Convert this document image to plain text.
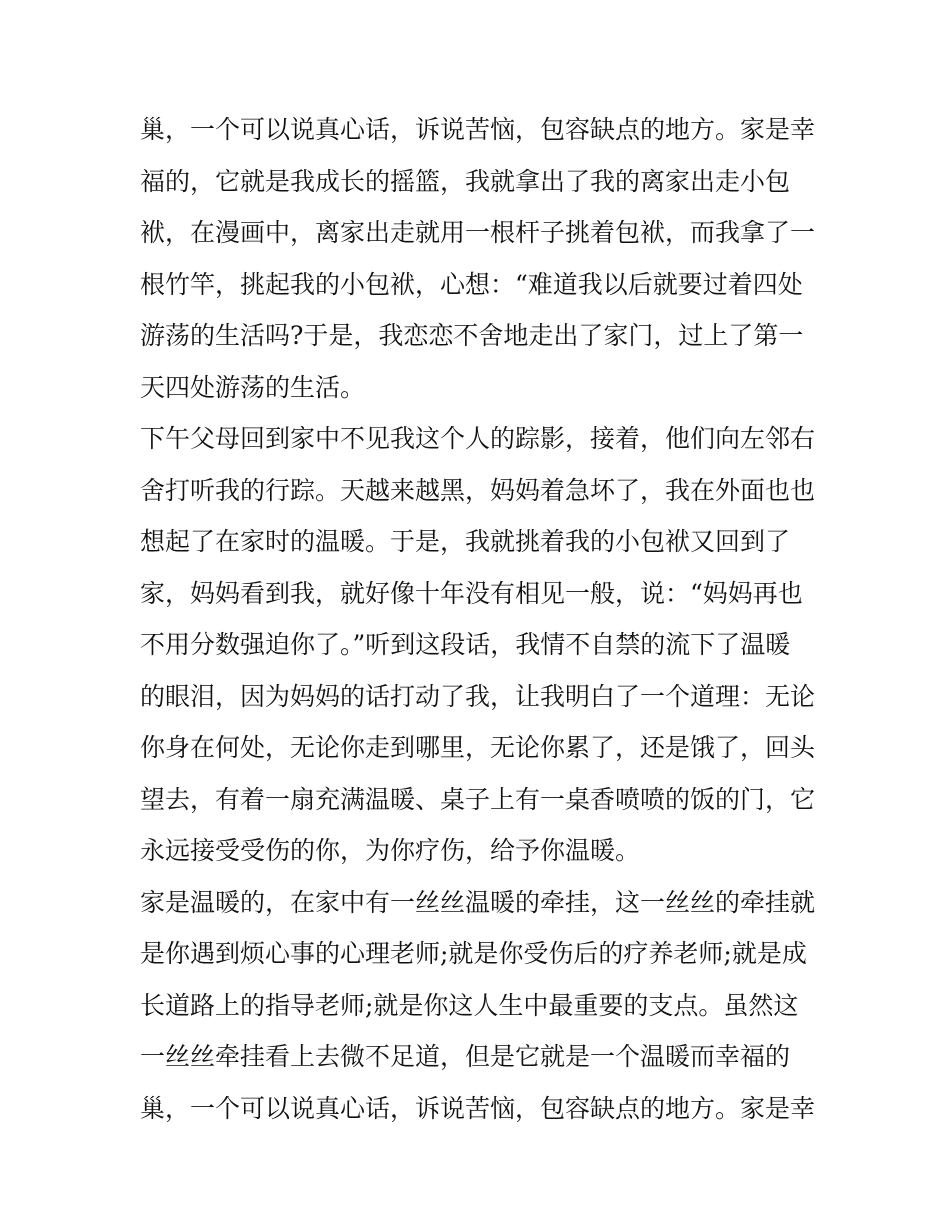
巢，一个可以说真心话，诉说苦恼，包容缺点的地方。家是幸
福的，它就是我成长的摇篮，我就拿出了我的离家出走小包
袱，在漫画中，离家出走就用一根杆子挑着包袱，而我拿了一
根竹竿，挑起我的小包袱，心想：“难道我以后就要过着四处
游荡的生活吗?于是，我恋恋不舍地走出了家门，过上了第一
天四处游荡的生活。
下午父母回到家中不见我这个人的踪影，接着，他们向左邻右
舍打听我的行踪。天越来越黑，妈妈着急坏了，我在外面也也
想起了在家时的温暖。于是，我就挑着我的小包袱又回到了
家，妈妈看到我，就好像十年没有相见一般，说：“妈妈再也
不用分数强迫你了。”听到这段话，我情不自禁的流下了温暖
的眼泪，因为妈妈的话打动了我，让我明白了一个道理：无论
你身在何处，无论你走到哪里，无论你累了，还是饿了，回头
望去，有着一扇充满温暖、桌子上有一桌香喷喷的饭的门，它
永远接受受伤的你，为你疗伤，给予你温暖。
家是温暖的，在家中有一丝丝温暖的牵挂，这一丝丝的牵挂就
是你遇到烦心事的心理老师;就是你受伤后的疗养老师;就是成
长道路上的指导老师;就是你这人生中最重要的支点。虽然这
一丝丝牵挂看上去微不足道，但是它就是一个温暖而幸福的
巢，一个可以说真心话，诉说苦恼，包容缺点的地方。家是幸
